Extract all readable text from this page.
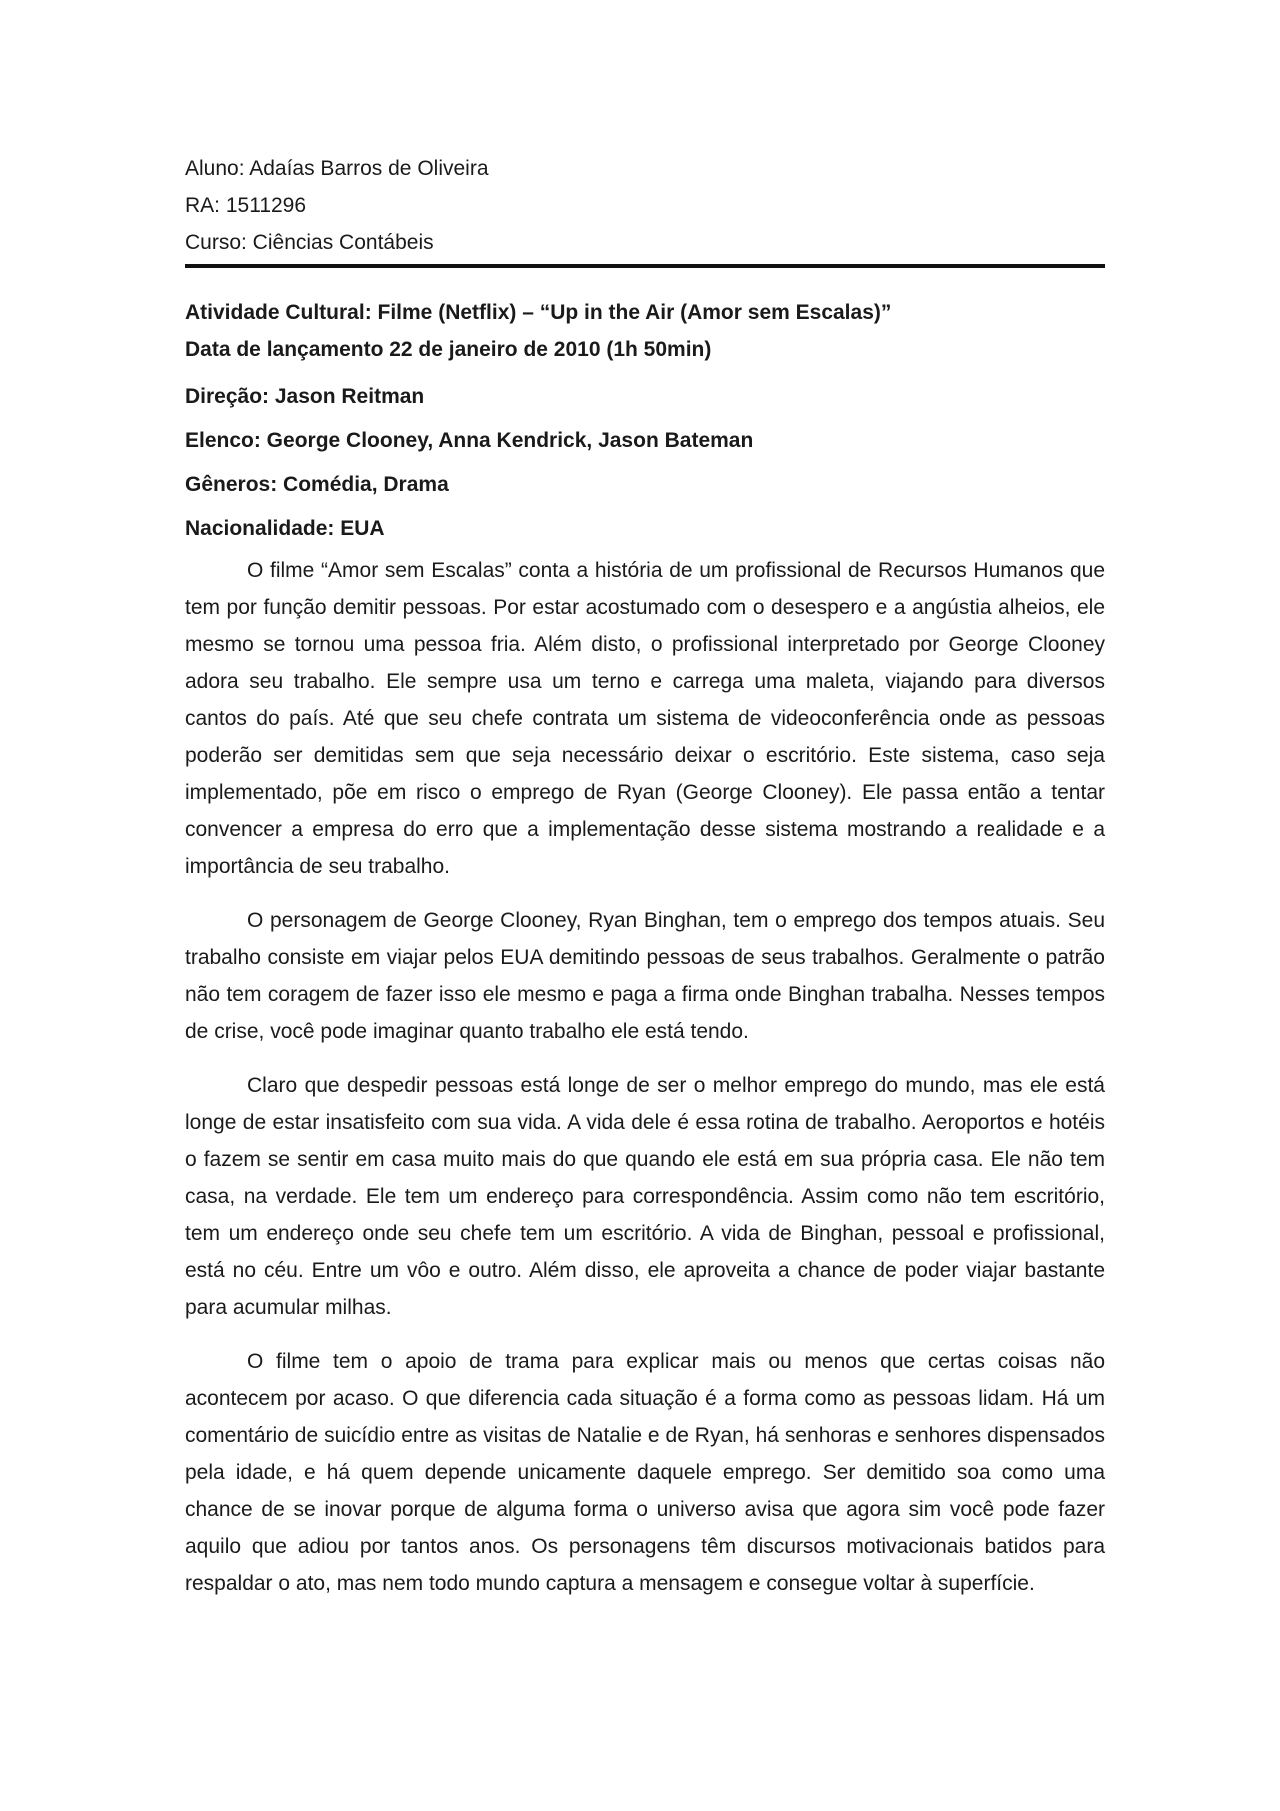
Aluno: Adaías Barros de Oliveira

RA: 1511296

Curso: Ciências Contábeis

Atividade Cultural: Filme (Netflix) – “Up in the Air (Amor sem Escalas)”

Data de lançamento 22 de janeiro de 2010 (1h 50min)

Direção: Jason Reitman

Elenco: George Clooney, Anna Kendrick, Jason Bateman

Gêneros: Comédia, Drama

Nacionalidade: EUA

O filme “Amor sem Escalas” conta a história de um profissional de Recursos Humanos que tem por função demitir pessoas. Por estar acostumado com o desespero e a angústia alheios, ele mesmo se tornou uma pessoa fria. Além disto, o profissional interpretado por George Clooney adora seu trabalho. Ele sempre usa um terno e carrega uma maleta, viajando para diversos cantos do país. Até que seu chefe contrata um sistema de videoconferência onde as pessoas poderão ser demitidas sem que seja necessário deixar o escritório. Este sistema, caso seja implementado, põe em risco o emprego de Ryan (George Clooney). Ele passa então a tentar convencer a empresa do erro que a implementação desse sistema mostrando a realidade e a importância de seu trabalho.

O personagem de George Clooney, Ryan Binghan, tem o emprego dos tempos atuais. Seu trabalho consiste em viajar pelos EUA demitindo pessoas de seus trabalhos. Geralmente o patrão não tem coragem de fazer isso ele mesmo e paga a firma onde Binghan trabalha. Nesses tempos de crise, você pode imaginar quanto trabalho ele está tendo.

Claro que despedir pessoas está longe de ser o melhor emprego do mundo, mas ele está longe de estar insatisfeito com sua vida. A vida dele é essa rotina de trabalho. Aeroportos e hotéis o fazem se sentir em casa muito mais do que quando ele está em sua própria casa. Ele não tem casa, na verdade. Ele tem um endereço para correspondência. Assim como não tem escritório, tem um endereço onde seu chefe tem um escritório. A vida de Binghan, pessoal e profissional, está no céu. Entre um vôo e outro. Além disso, ele aproveita a chance de poder viajar bastante para acumular milhas.

O filme tem o apoio de trama para explicar mais ou menos que certas coisas não acontecem por acaso. O que diferencia cada situação é a forma como as pessoas lidam. Há um comentário de suicídio entre as visitas de Natalie e de Ryan, há senhoras e senhores dispensados pela idade, e há quem depende unicamente daquele emprego. Ser demitido soa como uma chance de se inovar porque de alguma forma o universo avisa que agora sim você pode fazer aquilo que adiou por tantos anos. Os personagens têm discursos motivacionais batidos para respaldar o ato, mas nem todo mundo captura a mensagem e consegue voltar à superfície.
